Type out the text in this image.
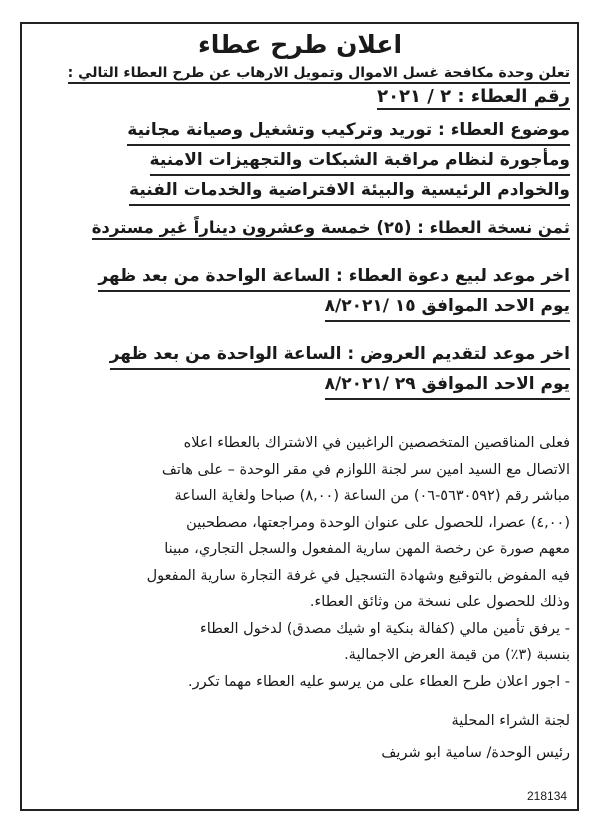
اعلان طرح عطاء
تعلن وحدة مكافحة غسل الاموال وتمويل الارهاب عن طرح العطاء التالي :
رقم العطاء : ٢ / ٢٠٢١
موضوع العطاء : توريد وتركيب وتشغيل وصيانة مجانية
ومأجورة لنظام مراقبة الشبكات والتجهيزات الامنية
والخوادم الرئيسية والبيئة الافتراضية والخدمات الفنية
ثمن نسخة العطاء : (٢٥) خمسة وعشرون ديناراً غير مستردة
اخر موعد لبيع دعوة العطاء : الساعة الواحدة من بعد ظهر
يوم الاحد الموافق ١٥ /٨/٢٠٢١
اخر موعد لتقديم العروض : الساعة الواحدة من بعد ظهر
يوم الاحد الموافق ٢٩ /٨/٢٠٢١

فعلى المناقصين المتخصصين الراغبين في الاشتراك بالعطاء اعلاه

الاتصال مع السيد امين سر لجنة اللوازم في مقر الوحدة – على هاتف

مباشر رقم (٥٦٣٠٥٩٢-٠٦) من الساعة (٨,٠٠) صباحا ولغاية الساعة

(٤,٠٠) عصرا، للحصول على عنوان الوحدة ومراجعتها، مصطحبين

معهم صورة عن رخصة المهن سارية المفعول والسجل التجاري، مبينا

فيه المفوض بالتوقيع وشهادة التسجيل في غرفة التجارة سارية المفعول

وذلك للحصول على نسخة من وثائق العطاء.

- يرفق تأمين مالي (كفالة بنكية او شيك مصدق) لدخول العطاء

بنسبة (٣٪) من قيمة العرض الاجمالية.

- اجور اعلان طرح العطاء على من يرسو عليه العطاء مهما تكرر.

لجنة الشراء المحلية

رئيس الوحدة/ سامية ابو شريف

218134
